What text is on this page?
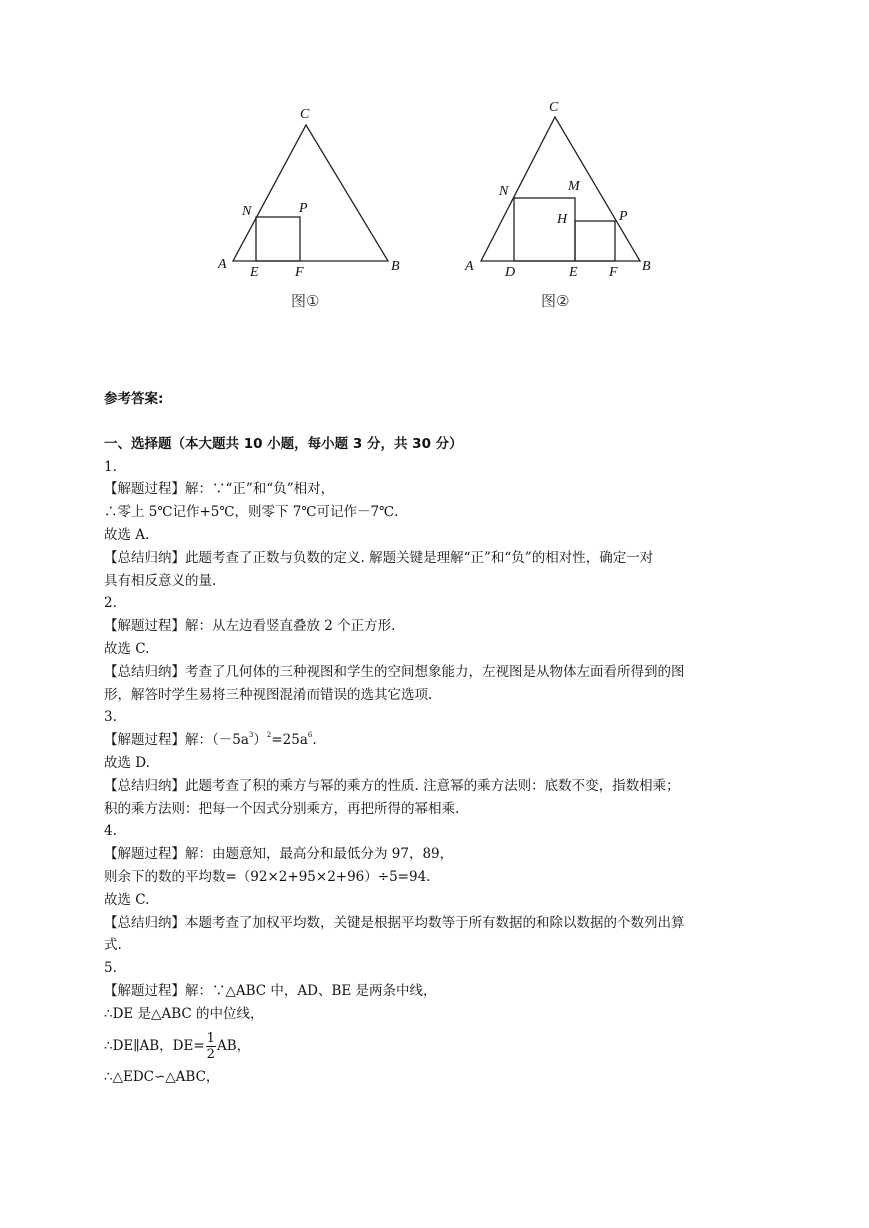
C
N	P
A
E	F	B
图①
C
N	M
H	P
A D	E F B
图②
参考答案:
一、选择题（本大题共 10 小题，每小题 3 分，共 30 分）
1.
【解题过程】解：∵“正”和“负”相对，
∴零上 5℃记作+5℃，则零下 7℃可记作－7℃.
故选 A.
【总结归纳】此题考查了正数与负数的定义. 解题关键是理解“正”和“负”的相对性，确定一对
具有相反意义的量.
2.
【解题过程】解：从左边看竖直叠放 2 个正方形.
故选 C.
【总结归纳】考查了几何体的三种视图和学生的空间想象能力，左视图是从物体左面看所得到的图
形，解答时学生易将三种视图混淆而错误的选其它选项.
3.
【解题过程】解：$(-5a^3)^2=25a^6$.
故选 D.
【总结归纳】此题考查了积的乘方与幂的乘方的性质. 注意幂的乘方法则：底数不变，指数相乘；
积的乘方法则：把每一个因式分别乘方，再把所得的幂相乘.
4.
【解题过程】解：由题意知，最高分和最低分为 97，89，
则余下的数的平均数=（92×2+95×2+96）÷5=94.
故选 C.
【总结归纳】本题考查了加权平均数，关键是根据平均数等于所有数据的和除以数据的个数列出算
式.
5.
【解题过程】解：∵△ABC 中，AD、BE 是两条中线，
∴DE 是△ABC 的中位线，
∴DE∥AB，$DE= \frac{1}{2}$ AB，
∴△EDC∽△ABC，
